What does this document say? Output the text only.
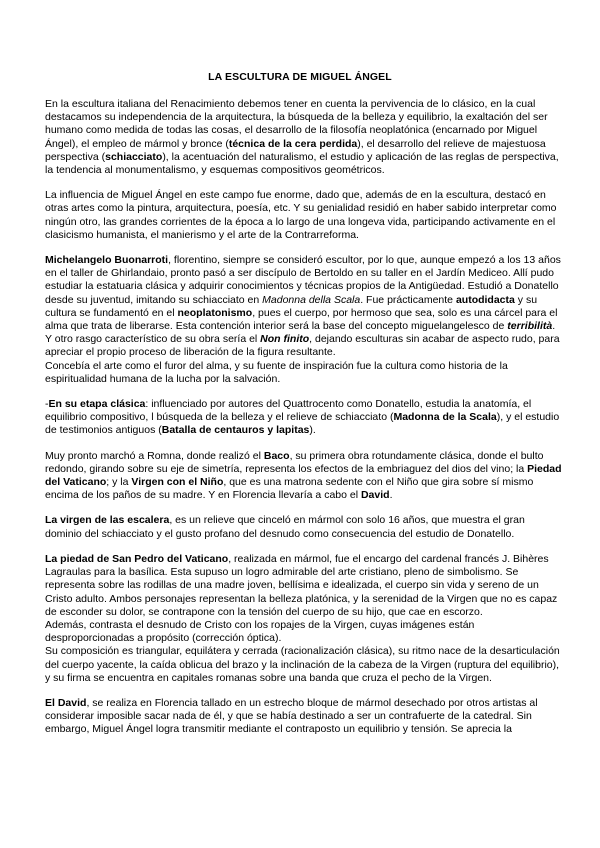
LA ESCULTURA DE MIGUEL ÁNGEL

En la escultura italiana del Renacimiento debemos tener en cuenta la pervivencia de lo clásico, en la cual destacamos su independencia de la arquitectura, la búsqueda de la belleza y equilibrio, la exaltación del ser humano como medida de todas las cosas, el desarrollo de la filosofía neoplatónica (encarnado por Miguel Ángel), el empleo de mármol y bronce (técnica de la cera perdida), el desarrollo del relieve de majestuosa perspectiva (schiacciato), la acentuación del naturalismo, el estudio y aplicación de las reglas de perspectiva, la tendencia al monumentalismo, y esquemas compositivos geométricos.

La influencia de Miguel Ángel en este campo fue enorme, dado que, además de en la escultura, destacó en otras artes como la pintura, arquitectura, poesía, etc. Y su genialidad residió en haber sabido interpretar como ningún otro, las grandes corrientes de la época a lo largo de una longeva vida, participando activamente en el clasicismo humanista, el manierismo y el arte de la Contrarreforma.

Michelangelo Buonarroti, florentino, siempre se consideró escultor, por lo que, aunque empezó a los 13 años en el taller de Ghirlandaio, pronto pasó a ser discípulo de Bertoldo en su taller en el Jardín Mediceo. Allí pudo estudiar la estatuaria clásica y adquirir conocimientos y técnicas propios de la Antigüedad. Estudió a Donatello desde su juventud, imitando su schiacciato en Madonna della Scala. Fue prácticamente autodidacta y su cultura se fundamentó en el neoplatonismo, pues el cuerpo, por hermoso que sea, solo es una cárcel para el alma que trata de liberarse. Esta contención interior será la base del concepto miguelangelesco de terribilità. Y otro rasgo característico de su obra sería el Non finito, dejando esculturas sin acabar de aspecto rudo, para apreciar el propio proceso de liberación de la figura resultante.
Concebía el arte como el furor del alma, y su fuente de inspiración fue la cultura como historia de la espiritualidad humana de la lucha por la salvación.

-En su etapa clásica: influenciado por autores del Quattrocento como Donatello, estudia la anatomía, el equilibrio compositivo, l búsqueda de la belleza y el relieve de schiacciato (Madonna de la Scala), y el estudio de testimonios antiguos (Batalla de centauros y lapitas).

Muy pronto marchó a Romna, donde realizó el Baco, su primera obra rotundamente clásica, donde el bulto redondo, girando sobre su eje de simetría, representa los efectos de la embriaguez del dios del vino; la Piedad del Vaticano; y la Virgen con el Niño, que es una matrona sedente con el Niño que gira sobre sí mismo encima de los paños de su madre. Y en Florencia llevaría a cabo el David.

La virgen de las escalera, es un relieve que cinceló en mármol con solo 16 años, que muestra el gran dominio del schiacciato y el gusto profano del desnudo como consecuencia del estudio de Donatello.

La piedad de San Pedro del Vaticano, realizada en mármol, fue el encargo del cardenal francés J. Bihères Lagraulas para la basílica. Esta supuso un logro admirable del arte cristiano, pleno de simbolismo. Se representa sobre las rodillas de una madre joven, bellísima e idealizada, el cuerpo sin vida y sereno de un Cristo adulto. Ambos personajes representan la belleza platónica, y la serenidad de la Virgen que no es capaz de esconder su dolor, se contrapone con la tensión del cuerpo de su hijo, que cae en escorzo.
Además, contrasta el desnudo de Cristo con los ropajes de la Virgen, cuyas imágenes están desproporcionadas a propósito (corrección óptica).
Su composición es triangular, equilátera y cerrada (racionalización clásica), su ritmo nace de la desarticulación del cuerpo yacente, la caída oblicua del brazo y la inclinación de la cabeza de la Virgen (ruptura del equilibrio), y su firma se encuentra en capitales romanas sobre una banda que cruza el pecho de la Virgen.

El David, se realiza en Florencia tallado en un estrecho bloque de mármol desechado por otros artistas al considerar imposible sacar nada de él, y que se había destinado a ser un contrafuerte de la catedral. Sin embargo, Miguel Ángel logra transmitir mediante el contraposto un equilibrio y tensión. Se aprecia la
